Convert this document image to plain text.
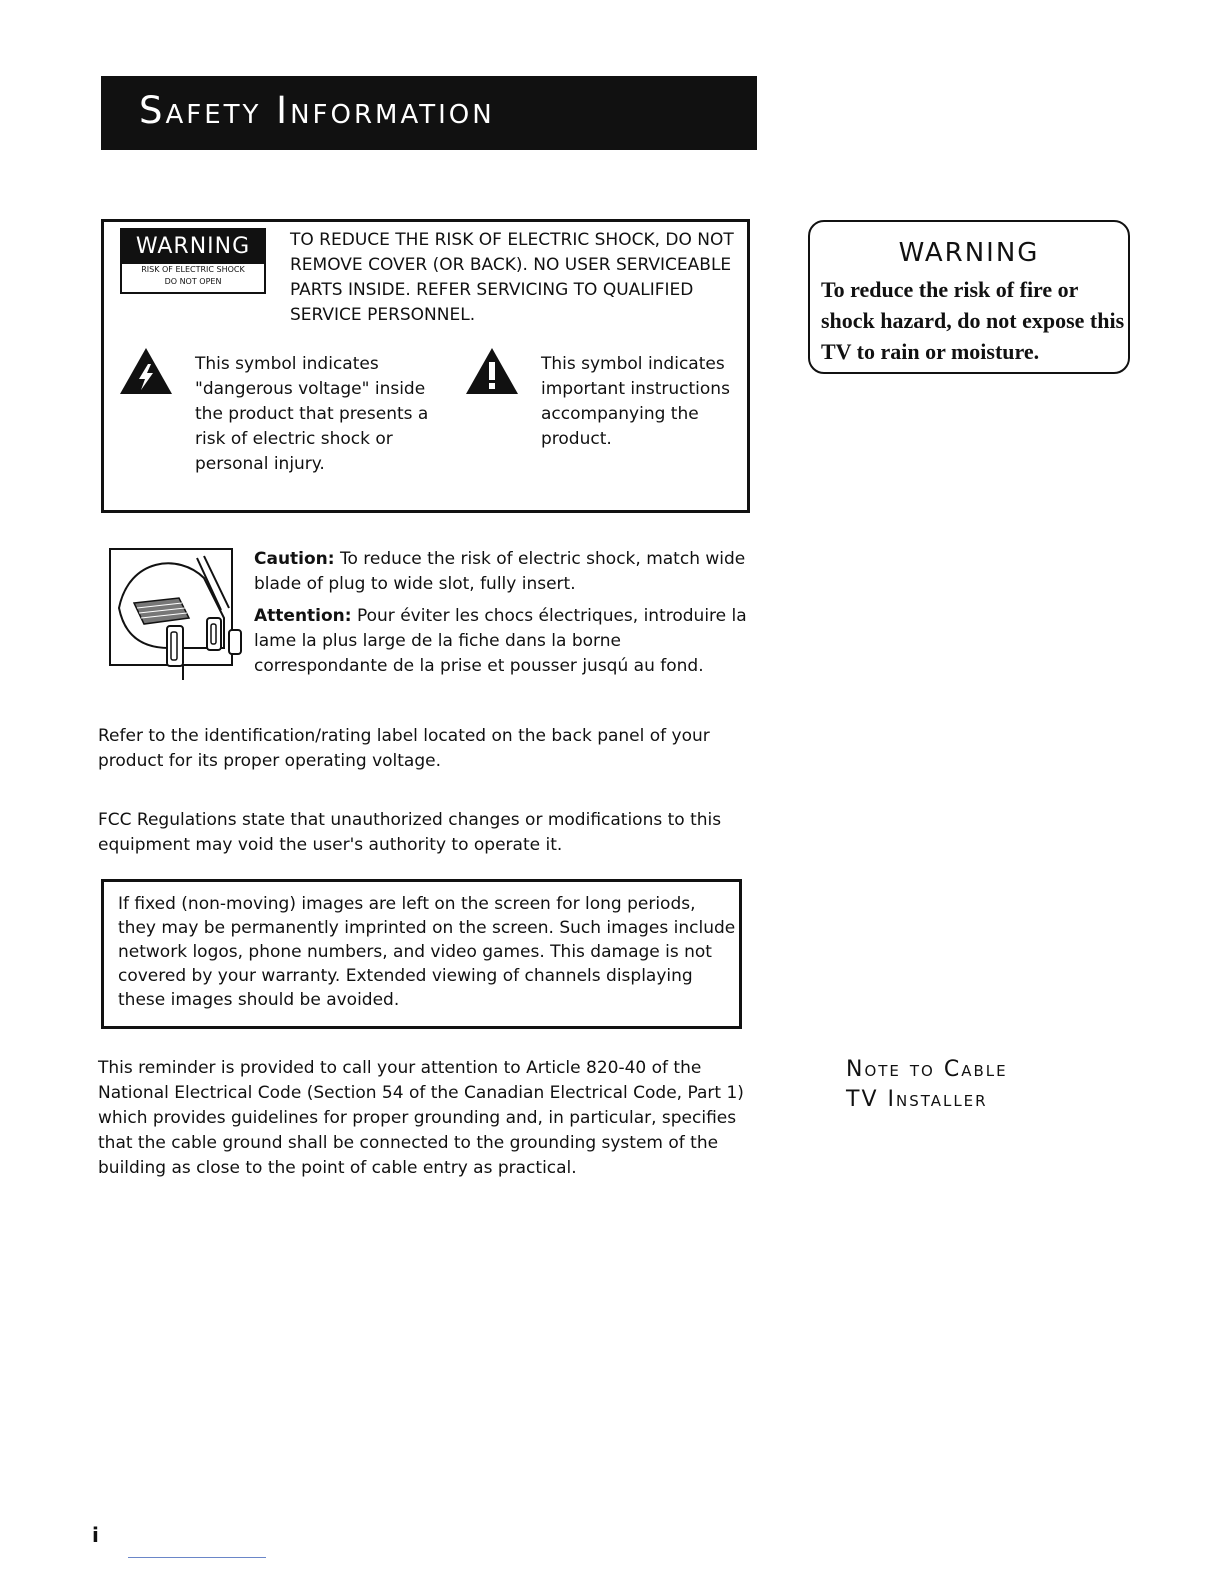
Safety Information
WARNING
RISK OF ELECTRIC SHOCK
DO NOT OPEN
TO REDUCE THE RISK OF ELECTRIC SHOCK, DO NOT REMOVE COVER (OR BACK). NO USER SERVICEABLE PARTS INSIDE. REFER SERVICING TO QUALIFIED SERVICE PERSONNEL.
This symbol indicates "dangerous voltage" inside the product that presents a risk of electric shock or personal injury.
This symbol indicates important instructions accompanying the product.
WARNING
To reduce the risk of fire or shock hazard, do not expose this TV to rain or moisture.
Caution: To reduce the risk of electric shock, match wide blade of plug to wide slot, fully insert.
Attention: Pour éviter les chocs électriques, introduire la lame la plus large de la fiche dans la borne correspondante de la prise et pousser jusqú au fond.
Refer to the identification/rating label located on the back panel of your product for its proper operating voltage.
FCC Regulations state that unauthorized changes or modifications to this equipment may void the user's authority to operate it.
If fixed (non-moving) images are left on the screen for long periods, they may be permanently imprinted on the screen. Such images include network logos, phone numbers, and video games. This damage is not covered by your warranty. Extended viewing of channels displaying these images should be avoided.
This reminder is provided to call your attention to Article 820-40 of the National Electrical Code (Section 54 of the Canadian Electrical Code, Part 1) which provides guidelines for proper grounding and, in particular, specifies that the cable ground shall be connected to the grounding system of the building as close to the point of cable entry as practical.
Note to Cable
TV Installer
i
